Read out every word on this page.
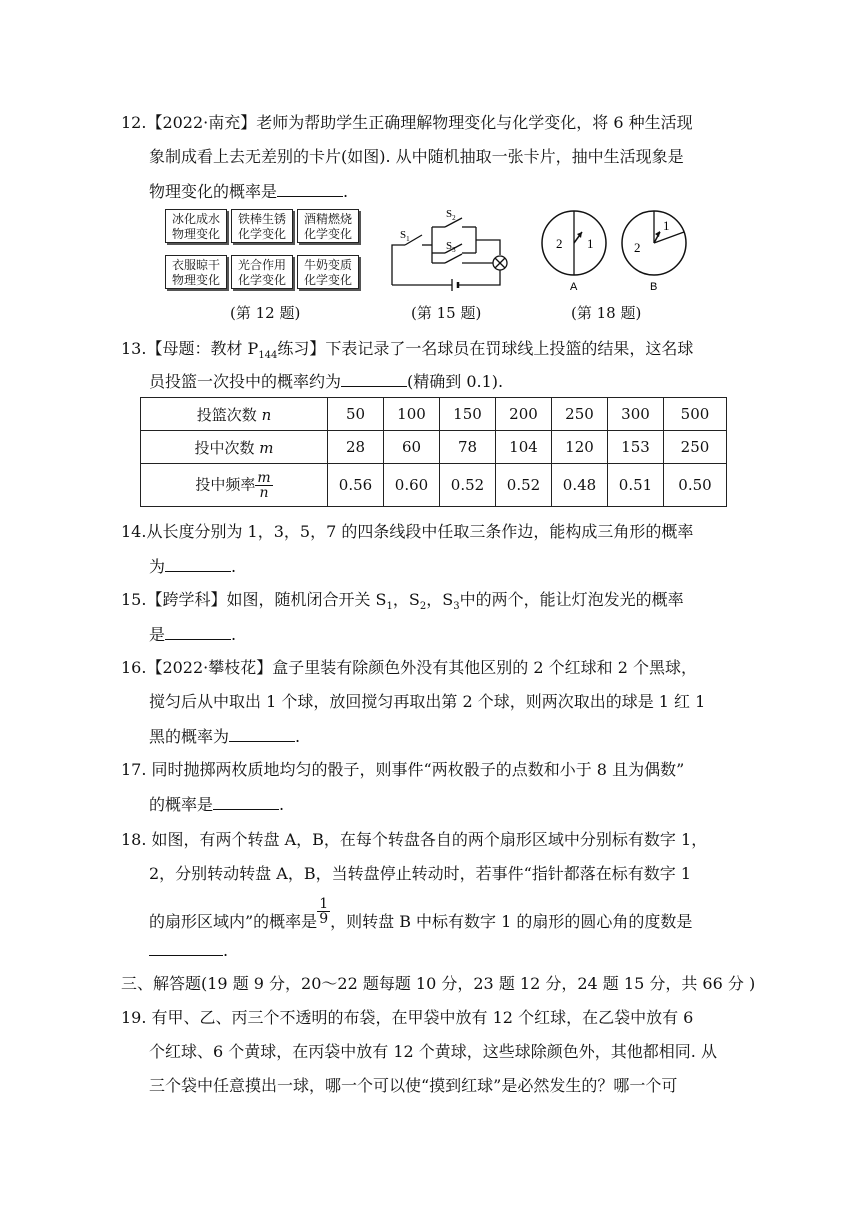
12.【2022·南充】老师为帮助学生正确理解物理变化与化学变化，将 6 种生活现
象制成看上去无差别的卡片(如图). 从中随机抽取一张卡片，抽中生活现象是
物理变化的概率是	.
冰化成水
物理变化
铁棒生锈
化学变化
酒精燃烧
化学变化
衣服晾干
物理变化
光合作用
化学变化
牛奶变质
化学变化
$S_1$
$S_2$
$S_3$	2 1
A
2
1
B
(第 12 题)	(第 15 题)	(第 18 题)
13.【母题：教材 $P_{144}$练习】下表记录了一名球员在罚球线上投篮的结果，这名球
员投篮一次投中的概率约为	(精确到 0.1).
投篮次数 n	50	100	150	200	250	300	500
投中次数 m	28	60	78	104	120	153	250
投中频率 $\frac{m}{n}$	0.56	0.60	0.52	0.52	0.48	0.51	0.50
14.从长度分别为 1，3，5，7 的四条线段中任取三条作边，能构成三角形的概率
为	.
15.【跨学科】如图，随机闭合开关 $S_1$，$S_2$，$S_3$中的两个，能让灯泡发光的概率
是	.
16.【2022·攀枝花】盒子里装有除颜色外没有其他区别的 2 个红球和 2 个黑球，
搅匀后从中取出 1 个球，放回搅匀再取出第 2 个球，则两次取出的球是 1 红 1
黑的概率为	.
17. 同时抛掷两枚质地均匀的骰子，则事件“两枚骰子的点数和小于 8 且为偶数”
的概率是	.
18. 如图，有两个转盘 A，B，在每个转盘各自的两个扇形区域中分别标有数字 1，
2，分别转动转盘 A，B，当转盘停止转动时，若事件“指针都落在标有数字 1
的扇形区域内”的概率是 $\frac{1}{9}$ ，则转盘 B 中标有数字 1 的扇形的圆心角的度数是
.
三、解答题(19 题 9 分，20～22 题每题 10 分，23 题 12 分，24 题 15 分，共 66 分 )
19. 有甲、乙、丙三个不透明的布袋，在甲袋中放有 12 个红球，在乙袋中放有 6
个红球、6 个黄球，在丙袋中放有 12 个黄球，这些球除颜色外，其他都相同. 从
三个袋中任意摸出一球，哪一个可以使“摸到红球”是必然发生的？哪一个可
